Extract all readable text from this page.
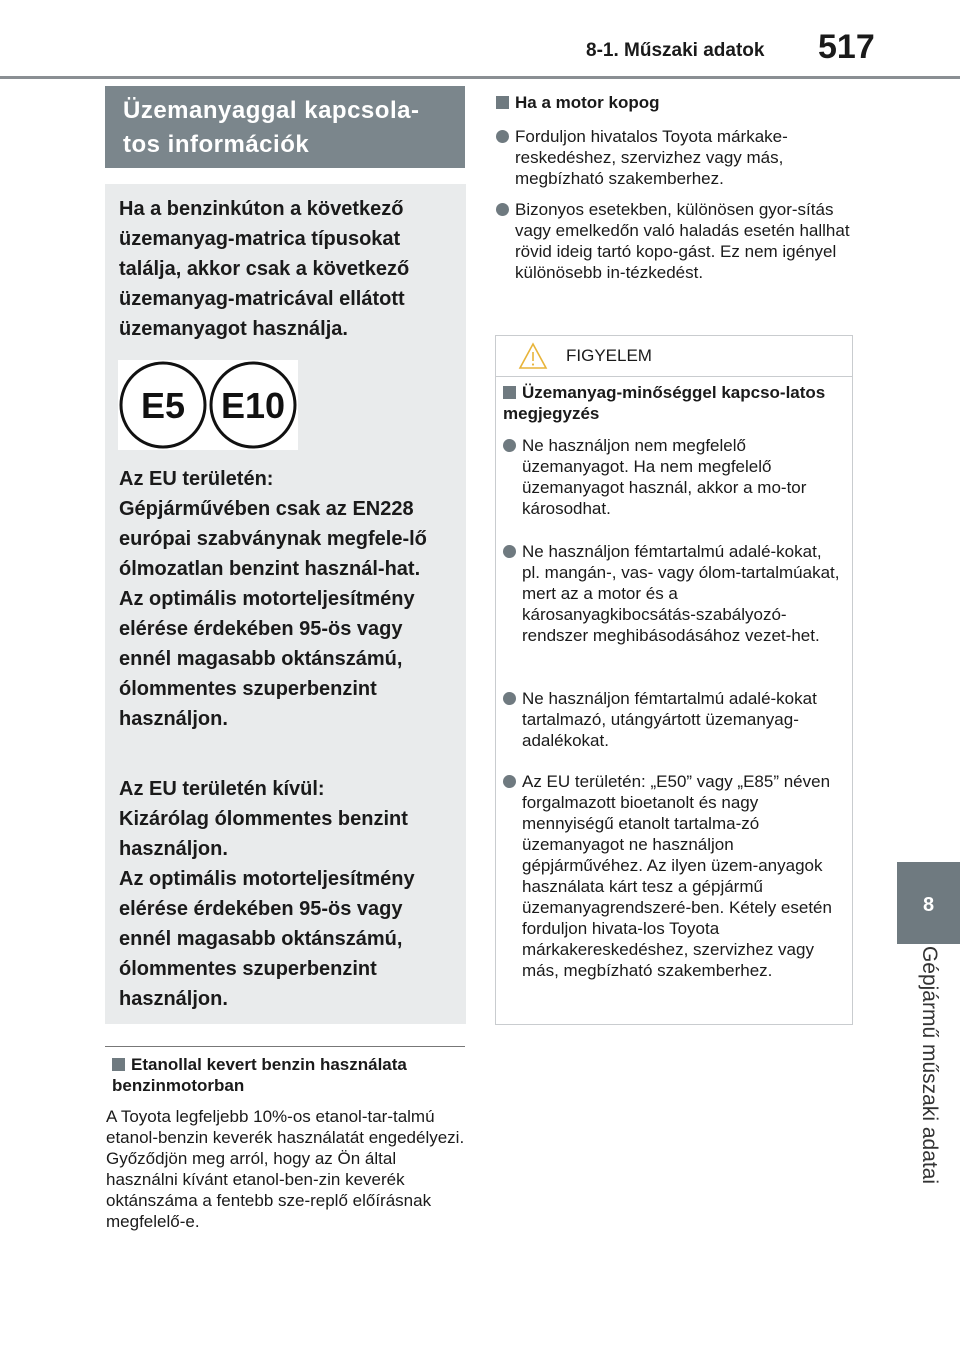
8-1. Műszaki adatok 517
8
Gépjármű műszaki adatai
Üzemanyaggal kapcsola-
tos információk

Ha a benzinkúton a következő üzemanyag-matrica típusokat találja, akkor csak a következő üzemanyag-matricával ellátott üzemanyagot használja.

E5 E10

Az EU területén:

Gépjárművében csak az EN228 európai szabványnak megfele-lő ólmozatlan benzint használ-hat.

Az optimális motorteljesítmény elérése érdekében 95-ös vagy ennél magasabb oktánszámú, ólommentes szuperbenzint használjon.

Az EU területén kívül:

Kizárólag ólommentes benzint használjon.

Az optimális motorteljesítmény elérése érdekében 95-ös vagy ennél magasabb oktánszámú, ólommentes szuperbenzint használjon.

Etanollal kevert benzin használata benzinmotorban
A Toyota legfeljebb 10%-os etanol-tar-talmú etanol-benzin keverék használatát engedélyezi. Győződjön meg arról, hogy az Ön által használni kívánt etanol-ben-zin keverék oktánszáma a fentebb sze-replő előírásnak megfelelő-e.
Ha a motor kopog
Forduljon hivatalos Toyota márkake-reskedéshez, szervizhez vagy más, megbízható szakemberhez.
Bizonyos esetekben, különösen gyor-sítás vagy emelkedőn való haladás esetén hallhat rövid ideig tartó kopo-gást. Ez nem igényel különösebb in-tézkedést.
FIGYELEM
Üzemanyag-minőséggel kapcso-latos megjegyzés
Ne használjon nem megfelelő üzemanyagot. Ha nem megfelelő üzemanyagot használ, akkor a mo-tor károsodhat.
Ne használjon fémtartalmú adalé-kokat, pl. mangán-, vas- vagy ólom-tartalmúakat, mert az a motor és a károsanyagkibocsátás-szabályozó-rendszer meghibásodásához vezet-het.
Ne használjon fémtartalmú adalé-kokat tartalmazó, utángyártott üzemanyag-adalékokat.
Az EU területén: „E50” vagy „E85” néven forgalmazott bioetanolt és nagy mennyiségű etanolt tartalma-zó üzemanyagot ne használjon gépjárművéhez. Az ilyen üzem-anyagok használata kárt tesz a gépjármű üzemanyagrendszeré-ben. Kétely esetén forduljon hivata-los Toyota márkakereskedéshez, szervizhez vagy más, megbízható szakemberhez.
